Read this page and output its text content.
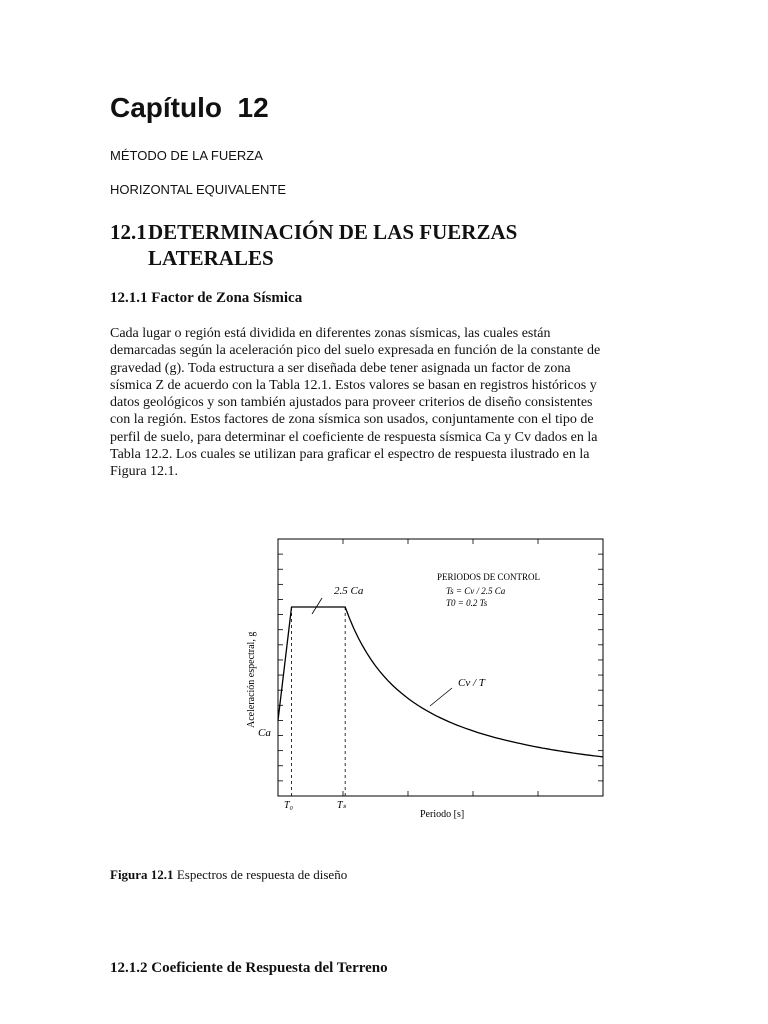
Capítulo  12
MÉTODO DE LA FUERZA
HORIZONTAL EQUIVALENTE
12.1DETERMINACIÓN DE LAS FUERZAS
LATERALES
12.1.1 Factor de Zona Sísmica

Cada lugar o región está dividida en diferentes zonas sísmicas, las cuales están

demarcadas según la aceleración pico del suelo expresada en función de la constante de

gravedad (g). Toda estructura a ser diseñada debe tener asignada un factor de zona

sísmica Z de acuerdo con la Tabla 12.1. Estos valores se basan en registros históricos y

datos geológicos y son también ajustados para proveer criterios de diseño consistentes

con la región. Estos factores de zona sísmica son usados, conjuntamente con el tipo de

perfil de suelo, para determinar el coeficiente de respuesta sísmica Ca y Cv dados en la

Tabla 12.2. Los cuales se utilizan para graficar el espectro de respuesta ilustrado en la

Figura 12.1.

2.5 Ca
Cv / T
Ca
PERIODOS DE CONTROL
Ts = Cv / 2.5 Ca
T0 = 0.2 Ts
T₀	Tₛ
Periodo [s]
Aceleración espectral, g
Figura 12.1 Espectros de respuesta de diseño
12.1.2 Coeficiente de Respuesta del Terreno
